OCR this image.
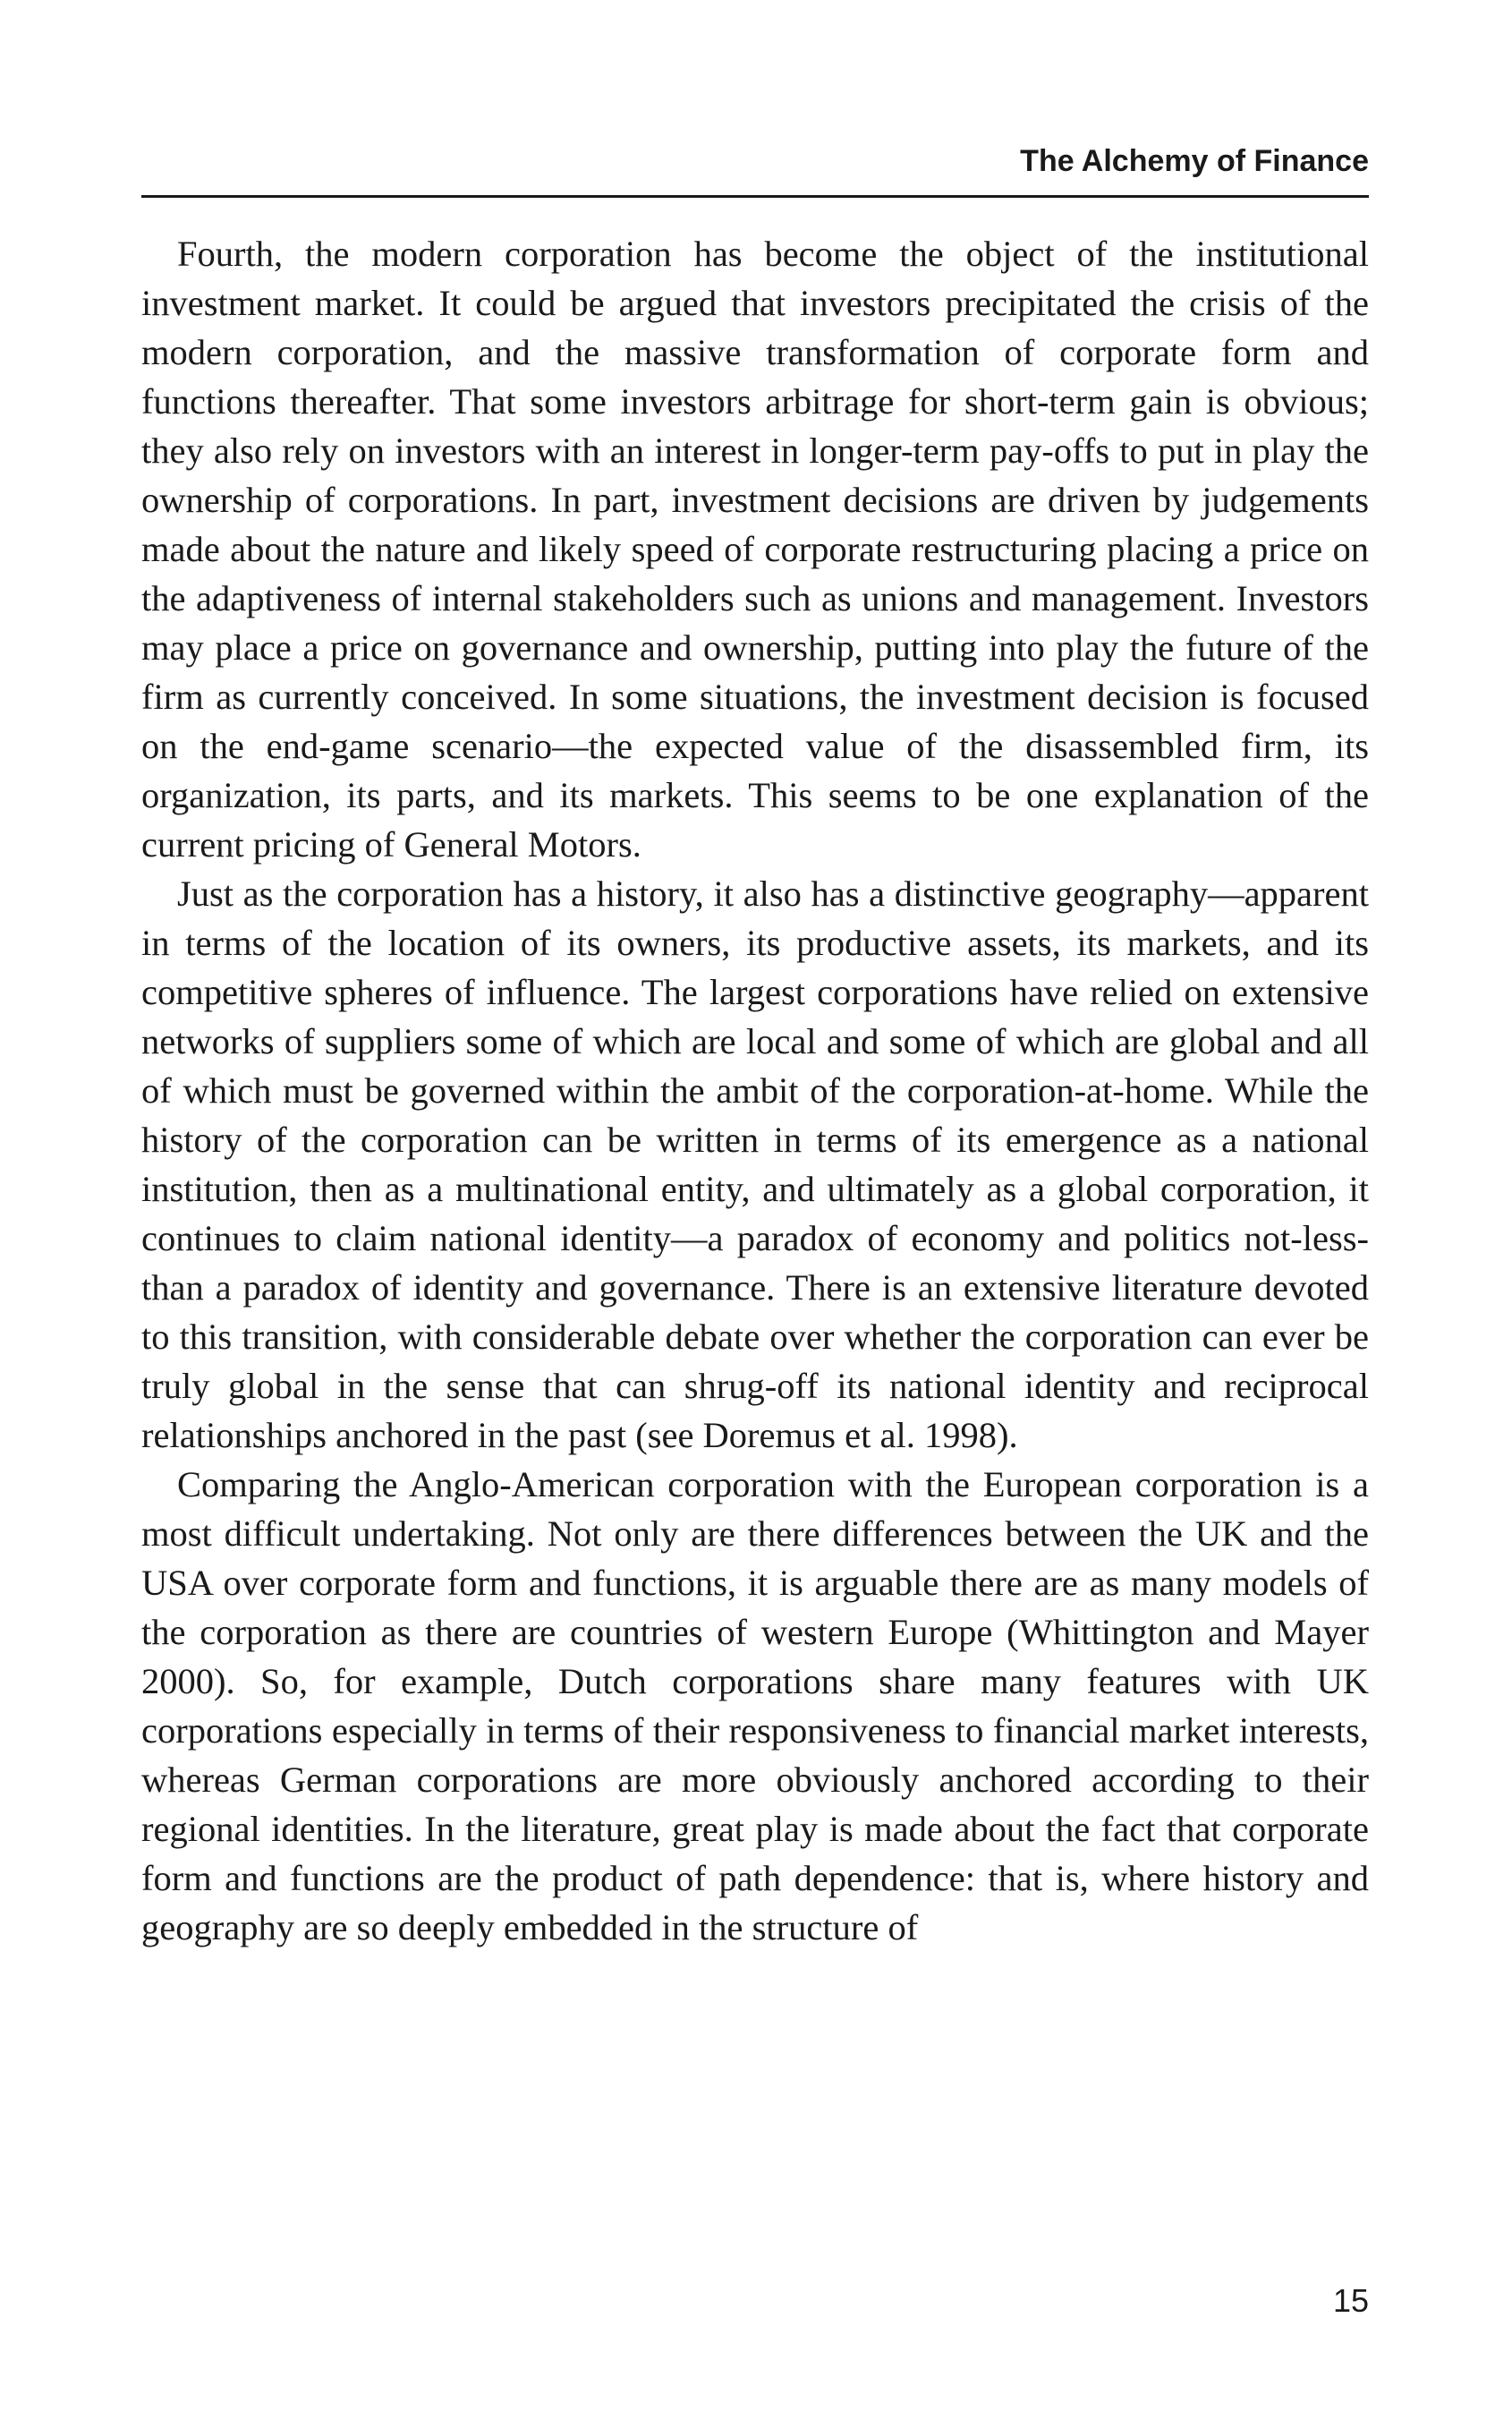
The Alchemy of Finance

Fourth, the modern corporation has become the object of the institutional investment market. It could be argued that investors precipitated the crisis of the modern corporation, and the massive transformation of corporate form and functions thereafter. That some investors arbitrage for short-term gain is obvious; they also rely on investors with an interest in longer-term pay-offs to put in play the ownership of corporations. In part, investment decisions are driven by judgements made about the nature and likely speed of corporate restructuring placing a price on the adaptiveness of internal stakeholders such as unions and management. Investors may place a price on governance and ownership, putting into play the future of the firm as currently conceived. In some situations, the investment decision is focused on the end-game scenario—the expected value of the disassembled firm, its organization, its parts, and its markets. This seems to be one explanation of the current pricing of General Motors.

Just as the corporation has a history, it also has a distinctive geography—apparent in terms of the location of its owners, its productive assets, its markets, and its competitive spheres of influence. The largest corporations have relied on extensive networks of suppliers some of which are local and some of which are global and all of which must be governed within the ambit of the corporation-at-home. While the history of the corporation can be written in terms of its emergence as a national institution, then as a multinational entity, and ultimately as a global corporation, it continues to claim national identity—a paradox of economy and politics not-less-than a paradox of identity and governance. There is an extensive literature devoted to this transition, with considerable debate over whether the corporation can ever be truly global in the sense that can shrug-off its national identity and reciprocal relationships anchored in the past (see Doremus et al. 1998).

Comparing the Anglo-American corporation with the European corporation is a most difficult undertaking. Not only are there differences between the UK and the USA over corporate form and functions, it is arguable there are as many models of the corporation as there are countries of western Europe (Whittington and Mayer 2000). So, for example, Dutch corporations share many features with UK corporations especially in terms of their responsiveness to financial market interests, whereas German corporations are more obviously anchored according to their regional identities. In the literature, great play is made about the fact that corporate form and functions are the product of path dependence: that is, where history and geography are so deeply embedded in the structure of

15
